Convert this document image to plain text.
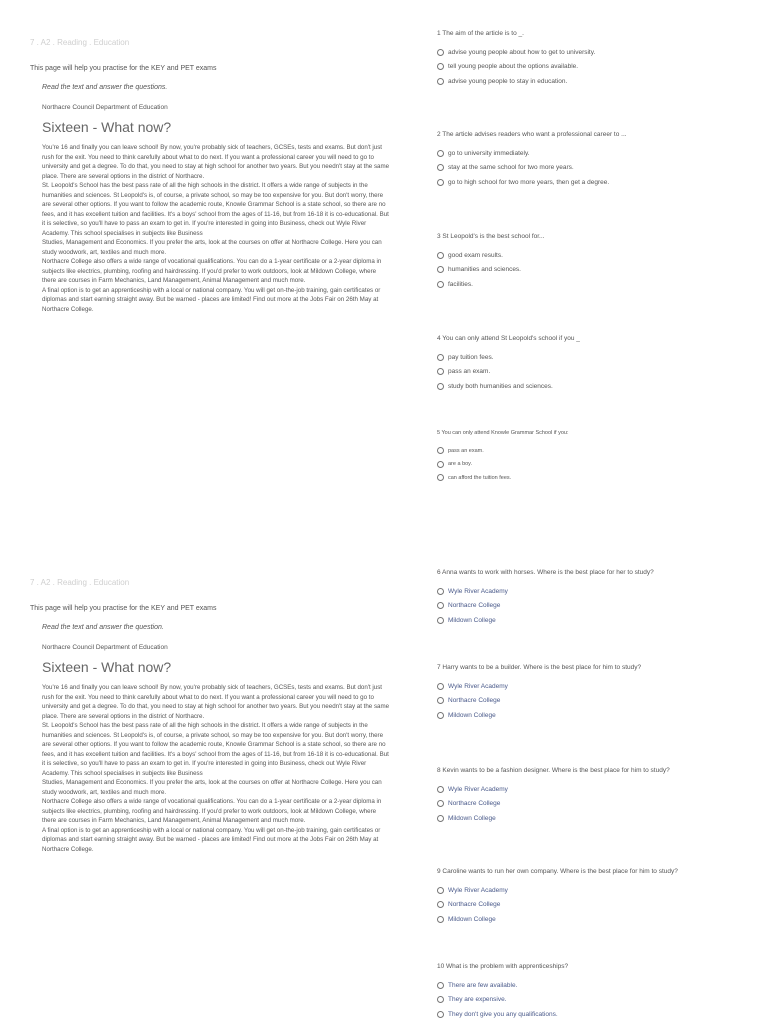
7 . A2 . Reading . Education
This page will help you practise for the KEY and PET exams
Read the text and answer the questions.
Northacre Council Department of Education
Sixteen - What now?

You're 16 and finally you can leave school! By now, you're probably sick of teachers, GCSEs, tests and exams. But don't just rush for the exit. You need to think carefully about what to do next. If you want a professional career you will need to go to university and get a degree. To do that, you need to stay at high school for another two years. But you needn't stay at the same place. There are several options in the district of Northacre.

St. Leopold's School has the best pass rate of all the high schools in the district. It offers a wide range of subjects in the humanities and sciences. St Leopold's is, of course, a private school, so may be too expensive for you. But don't worry, there are several other options. If you want to follow the academic route, Knowle Grammar School is a state school, so there are no fees, and it has excellent tuition and facilities. It's a boys' school from the ages of 11-16, but from 16-18 it is co-educational. But it is selective, so you'll have to pass an exam to get in. If you're interested in going into Business, check out Wyle River Academy. This school specialises in subjects like Business

Studies, Management and Economics. If you prefer the arts, look at the courses on offer at Northacre College. Here you can study woodwork, art, textiles and much more.

Northacre College also offers a wide range of vocational qualifications. You can do a 1-year certificate or a 2-year diploma in subjects like electrics, plumbing, roofing and hairdressing. If you'd prefer to work outdoors, look at Mildown College, where there are courses in Farm Mechanics, Land Management, Animal Management and much more.

A final option is to get an apprenticeship with a local or national company. You will get on-the-job training, gain certificates or diplomas and start earning straight away. But be warned - places are limited! Find out more at the Jobs Fair on 26th May at Northacre College.

7 . A2 . Reading . Education
This page will help you practise for the KEY and PET exams
Read the text and answer the question.
Northacre Council Department of Education
Sixteen - What now?

You're 16 and finally you can leave school! By now, you're probably sick of teachers, GCSEs, tests and exams. But don't just rush for the exit. You need to think carefully about what to do next. If you want a professional career you will need to go to university and get a degree. To do that, you need to stay at high school for another two years. But you needn't stay at the same place. There are several options in the district of Northacre.

St. Leopold's School has the best pass rate of all the high schools in the district. It offers a wide range of subjects in the humanities and sciences. St Leopold's is, of course, a private school, so may be too expensive for you. But don't worry, there are several other options. If you want to follow the academic route, Knowle Grammar School is a state school, so there are no fees, and it has excellent tuition and facilities. It's a boys' school from the ages of 11-16, but from 16-18 it is co-educational. But it is selective, so you'll have to pass an exam to get in. If you're interested in going into Business, check out Wyle River Academy. This school specialises in subjects like Business

Studies, Management and Economics. If you prefer the arts, look at the courses on offer at Northacre College. Here you can study woodwork, art, textiles and much more.

Northacre College also offers a wide range of vocational qualifications. You can do a 1-year certificate or a 2-year diploma in subjects like electrics, plumbing, roofing and hairdressing. If you'd prefer to work outdoors, look at Mildown College, where there are courses in Farm Mechanics, Land Management, Animal Management and much more.

A final option is to get an apprenticeship with a local or national company. You will get on-the-job training, gain certificates or diplomas and start earning straight away. But be warned - places are limited! Find out more at the Jobs Fair on 26th May at Northacre College.

1 The aim of the article is to _.
advise young people about how to get to university.
tell young people about the options available.
advise young people to stay in education.
2 The article advises readers who want a professional career to ...
go to university immediately.
stay at the same school for two more years.
go to high school for two more years, then get a degree.
3 St Leopold's is the best school for...
good exam results.
humanities and sciences.
facilities.
4 You can only attend St Leopold's school if you _
pay tuition fees.
pass an exam.
study both humanities and sciences.
5 You can only attend Knowle Grammar School if you:
pass an exam.
are a boy.
can afford the tuition fees.
6 Anna wants to work with horses. Where is the best place for her to study?
Wyle River Academy
Northacre College
Mildown College
7 Harry wants to be a builder. Where is the best place for him to study?
Wyle River Academy
Northacre College
Mildown College
8 Kevin wants to be a fashion designer. Where is the best place for him to study?
Wyle River Academy
Northacre College
Mildown College
9 Caroline wants to run her own company. Where is the best place for him to study?
Wyle River Academy
Northacre College
Mildown College
10 What is the problem with apprenticeships?
There are few available.
They are expensive.
They don't give you any qualifications.
